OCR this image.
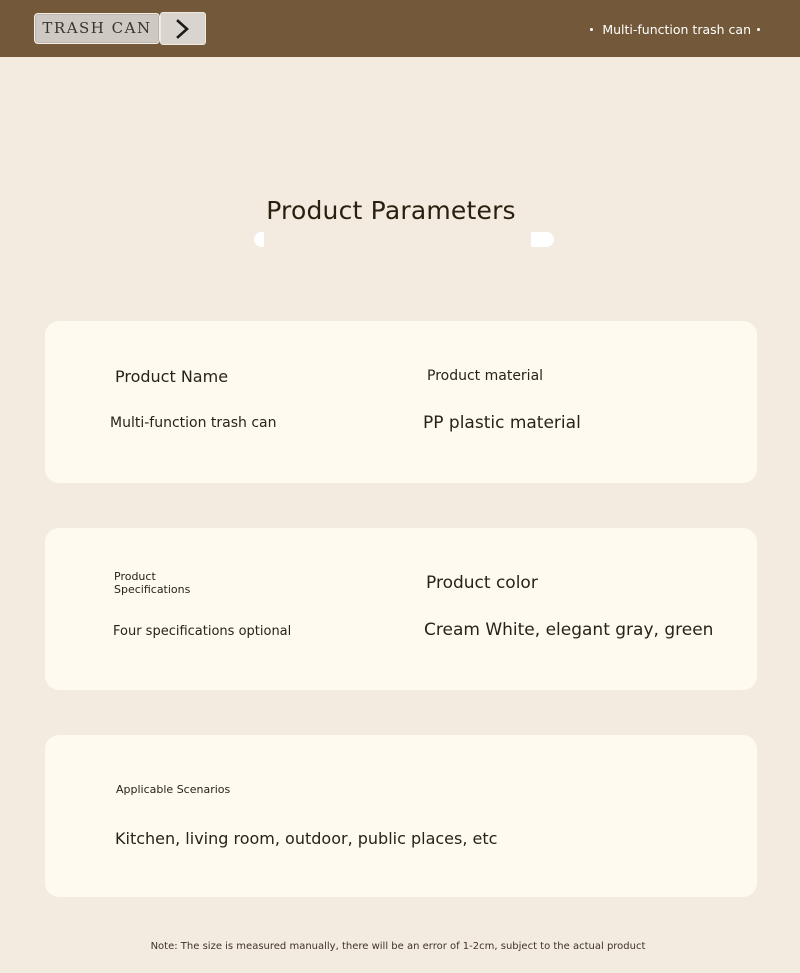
TRASH CAN	Multi-function trash can
Product Parameters
Product Name
Multi-function trash can
Product material
PP plastic material
Product
Specifications
Four specifications optional
Product color
Cream White, elegant gray, green
Applicable Scenarios
Kitchen, living room, outdoor, public places, etc
Note: The size is measured manually, there will be an error of 1-2cm, subject to the actual product
